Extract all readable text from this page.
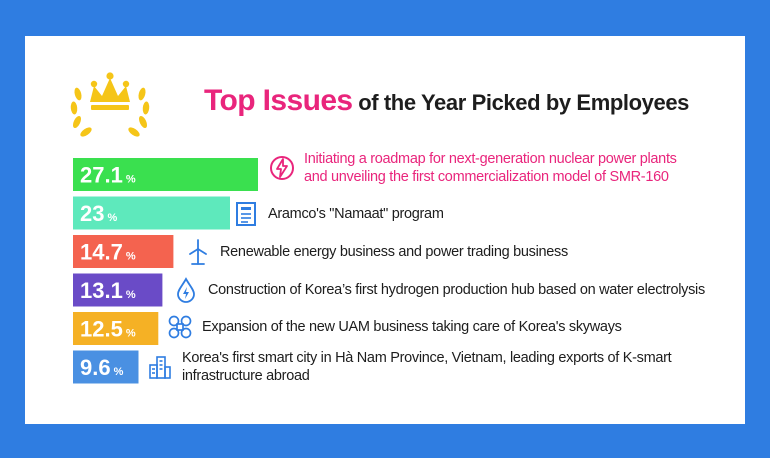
Top Issues of the Year Picked by Employees
27.1 %
23 %
14.7 %
13.1 %
12.5 %
9.6 %
Initiating a roadmap for next-generation nuclear power plants
and unveiling the first commercialization model of SMR-160
Aramco's "Namaat" program
Renewable energy business and power trading business
Construction of Korea’s first hydrogen production hub based on water electrolysis
Expansion of the new UAM business taking care of Korea's skyways
Korea's first smart city in Hà Nam Province, Vietnam, leading exports of K-smart
infrastructure abroad
